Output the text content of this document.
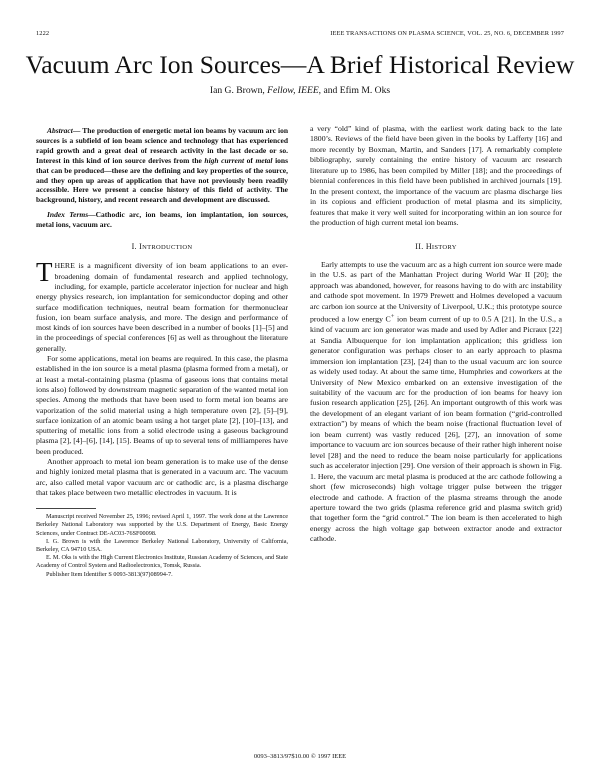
1222	IEEE TRANSACTIONS ON PLASMA SCIENCE, VOL. 25, NO. 6, DECEMBER 1997
Vacuum Arc Ion Sources—A Brief Historical Review
Ian G. Brown, Fellow, IEEE, and Efim M. Oks

Abstract— The production of energetic metal ion beams by vacuum arc ion sources is a subfield of ion beam science and technology that has experienced rapid growth and a great deal of research activity in the last decade or so. Interest in this kind of ion source derives from the high current of metal ions that can be produced—these are the defining and key properties of the source, and they open up areas of application that have not previously been readily accessible. Here we present a concise history of this field of activity. The background, history, and recent research and development are discussed.

Index Terms—Cathodic arc, ion beams, ion implantation, ion sources, metal ions, vacuum arc.

I. INTRODUCTION

THERE is a magnificent diversity of ion beam applications to an ever-broadening domain of fundamental research and applied technology, including, for example, particle accelerator injection for nuclear and high energy physics research, ion implantation for semiconductor doping and other surface modification techniques, neutral beam formation for thermonuclear fusion, ion beam surface analysis, and more. The design and performance of most kinds of ion sources have been described in a number of books [1]–[5] and in the proceedings of special conferences [6] as well as throughout the literature generally.

For some applications, metal ion beams are required. In this case, the plasma established in the ion source is a metal plasma (plasma formed from a metal), or at least a metal-containing plasma (plasma of gaseous ions that contains metal ions also) followed by downstream magnetic separation of the wanted metal ion species. Among the methods that have been used to form metal ion beams are vaporization of the solid material using a high temperature oven [2], [5]–[9], surface ionization of an atomic beam using a hot target plate [2], [10]–[13], and sputtering of metallic ions from a solid electrode using a gaseous background plasma [2], [4]–[6], [14], [15]. Beams of up to several tens of milliamperes have been produced.

Another approach to metal ion beam generation is to make use of the dense and highly ionized metal plasma that is generated in a vacuum arc. The vacuum arc, also called metal vapor vacuum arc or cathodic arc, is a plasma discharge that takes place between two metallic electrodes in vacuum. It is

Manuscript received November 25, 1996; revised April 1, 1997. The work done at the Lawrence Berkeley National Laboratory was supported by the U.S. Department of Energy, Basic Energy Sciences, under Contract DE-AC03-76SF00098.

I. G. Brown is with the Lawrence Berkeley National Laboratory, University of California, Berkeley, CA 94710 USA.

E. M. Oks is with the High Current Electronics Institute, Russian Academy of Sciences, and State Academy of Control System and Radioelectronics, Tomsk, Russia.

Publisher Item Identifier S 0093-3813(97)08994-7.

a very “old” kind of plasma, with the earliest work dating back to the late 1800’s. Reviews of the field have been given in the books by Lafferty [16] and more recently by Boxman, Martin, and Sanders [17]. A remarkably complete bibliography, surely containing the entire history of vacuum arc research literature up to 1986, has been compiled by Miller [18]; and the proceedings of biennial conferences in this field have been published in archived journals [19]. In the present context, the importance of the vacuum arc plasma discharge lies in its copious and efficient production of metal plasma and its simplicity, features that make it very well suited for incorporating within an ion source for the production of high current metal ion beams.

II. HISTORY

Early attempts to use the vacuum arc as a high current ion source were made in the U.S. as part of the Manhattan Project during World War II [20]; the approach was abandoned, however, for reasons having to do with arc instability and cathode spot movement. In 1979 Prewett and Holmes developed a vacuum arc carbon ion source at the University of Liverpool, U.K.; this prototype source produced a low energy C+ ion beam current of up to 0.5 A [21]. In the U.S., a kind of vacuum arc ion generator was made and used by Adler and Picraux [22] at Sandia Albuquerque for ion implantation application; this gridless ion generator configuration was perhaps closer to an early approach to plasma immersion ion implantation [23], [24] than to the usual vacuum arc ion source as widely used today. At about the same time, Humphries and coworkers at the University of New Mexico embarked on an extensive investigation of the suitability of the vacuum arc for the production of ion beams for heavy ion fusion research application [25], [26]. An important outgrowth of this work was the development of an elegant variant of ion beam formation (“grid-controlled extraction”) by means of which the beam noise (fractional fluctuation level of ion beam current) was vastly reduced [26], [27], an innovation of some importance to vacuum arc ion sources because of their rather high inherent noise level [28] and the need to reduce the beam noise particularly for applications such as accelerator injection [29]. One version of their approach is shown in Fig. 1. Here, the vacuum arc metal plasma is produced at the arc cathode following a short (few microseconds) high voltage trigger pulse between the trigger electrode and cathode. A fraction of the plasma streams through the anode aperture toward the two grids (plasma reference grid and plasma switch grid) that together form the “grid control.” The ion beam is then accelerated to high energy across the high voltage gap between extractor anode and extractor cathode.

0093–3813/97$10.00 © 1997 IEEE
